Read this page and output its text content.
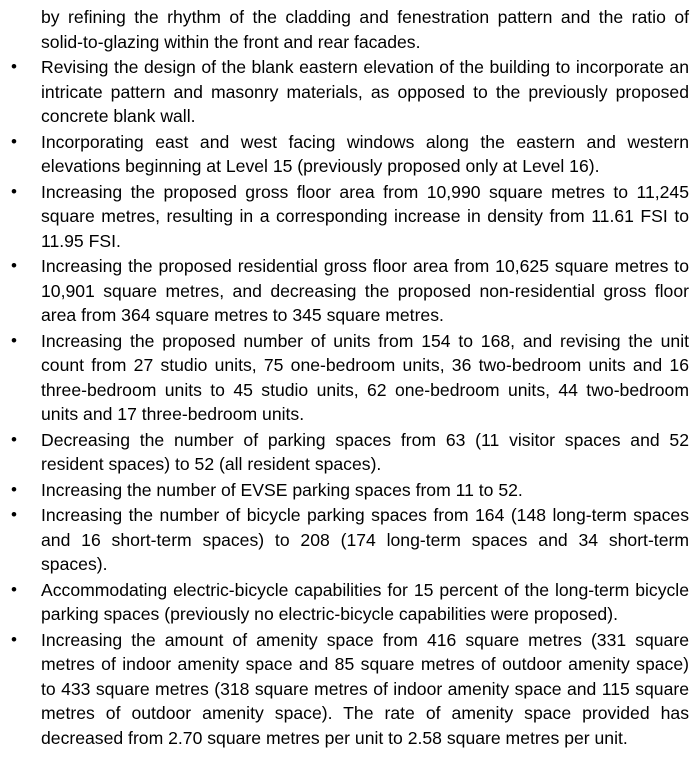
by refining the rhythm of the cladding and fenestration pattern and the ratio of solid-to-glazing within the front and rear facades.

• Revising the design of the blank eastern elevation of the building to incorporate an intricate pattern and masonry materials, as opposed to the previously proposed concrete blank wall.
• Incorporating east and west facing windows along the eastern and western elevations beginning at Level 15 (previously proposed only at Level 16).
• Increasing the proposed gross floor area from 10,990 square metres to 11,245 square metres, resulting in a corresponding increase in density from 11.61 FSI to 11.95 FSI.
• Increasing the proposed residential gross floor area from 10,625 square metres to 10,901 square metres, and decreasing the proposed non-residential gross floor area from 364 square metres to 345 square metres.
• Increasing the proposed number of units from 154 to 168, and revising the unit count from 27 studio units, 75 one-bedroom units, 36 two-bedroom units and 16 three-bedroom units to 45 studio units, 62 one-bedroom units, 44 two-bedroom units and 17 three-bedroom units.
• Decreasing the number of parking spaces from 63 (11 visitor spaces and 52 resident spaces) to 52 (all resident spaces).
• Increasing the number of EVSE parking spaces from 11 to 52.
• Increasing the number of bicycle parking spaces from 164 (148 long-term spaces and 16 short-term spaces) to 208 (174 long-term spaces and 34 short-term spaces).
• Accommodating electric-bicycle capabilities for 15 percent of the long-term bicycle parking spaces (previously no electric-bicycle capabilities were proposed).
• Increasing the amount of amenity space from 416 square metres (331 square metres of indoor amenity space and 85 square metres of outdoor amenity space) to 433 square metres (318 square metres of indoor amenity space and 115 square metres of outdoor amenity space). The rate of amenity space provided has decreased from 2.70 square metres per unit to 2.58 square metres per unit.
